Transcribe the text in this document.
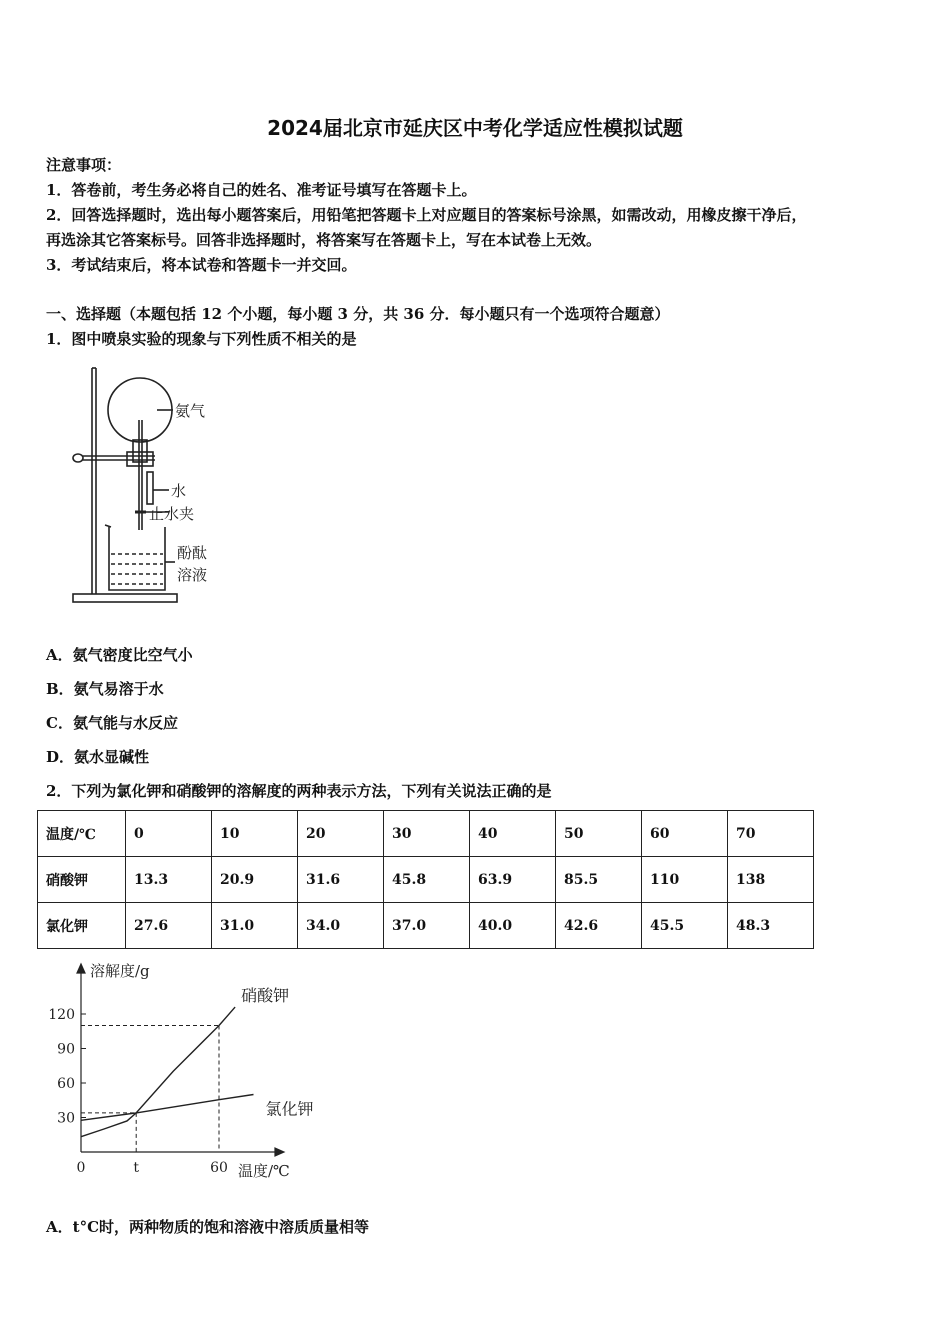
2024届北京市延庆区中考化学适应性模拟试题
注意事项：
1．答卷前，考生务必将自己的姓名、准考证号填写在答题卡上。
2．回答选择题时，选出每小题答案后，用铅笔把答题卡上对应题目的答案标号涂黑，如需改动，用橡皮擦干净后，
再选涂其它答案标号。回答非选择题时，将答案写在答题卡上，写在本试卷上无效。
3．考试结束后，将本试卷和答题卡一并交回。
一、选择题（本题包括 12 个小题，每小题 3 分，共 36 分．每小题只有一个选项符合题意）
1．图中喷泉实验的现象与下列性质不相关的是
氨气
水
止水夹
酚酞
溶液
A．氨气密度比空气小
B．氨气易溶于水
C．氨气能与水反应
D．氨水显碱性
2．下列为氯化钾和硝酸钾的溶解度的两种表示方法，下列有关说法正确的是
温度/℃	0	10	20	30	40	50	60	70
硝酸钾	13.3	20.9	31.6	45.8	63.9	85.5	110	138
氯化钾	27.6	31.0	34.0	37.0	40.0	42.6	45.5	48.3
溶解度/g
温度/℃
120
90
60
30
0	t	60
硝酸钾
氯化钾
A．t°C时，两种物质的饱和溶液中溶质质量相等
